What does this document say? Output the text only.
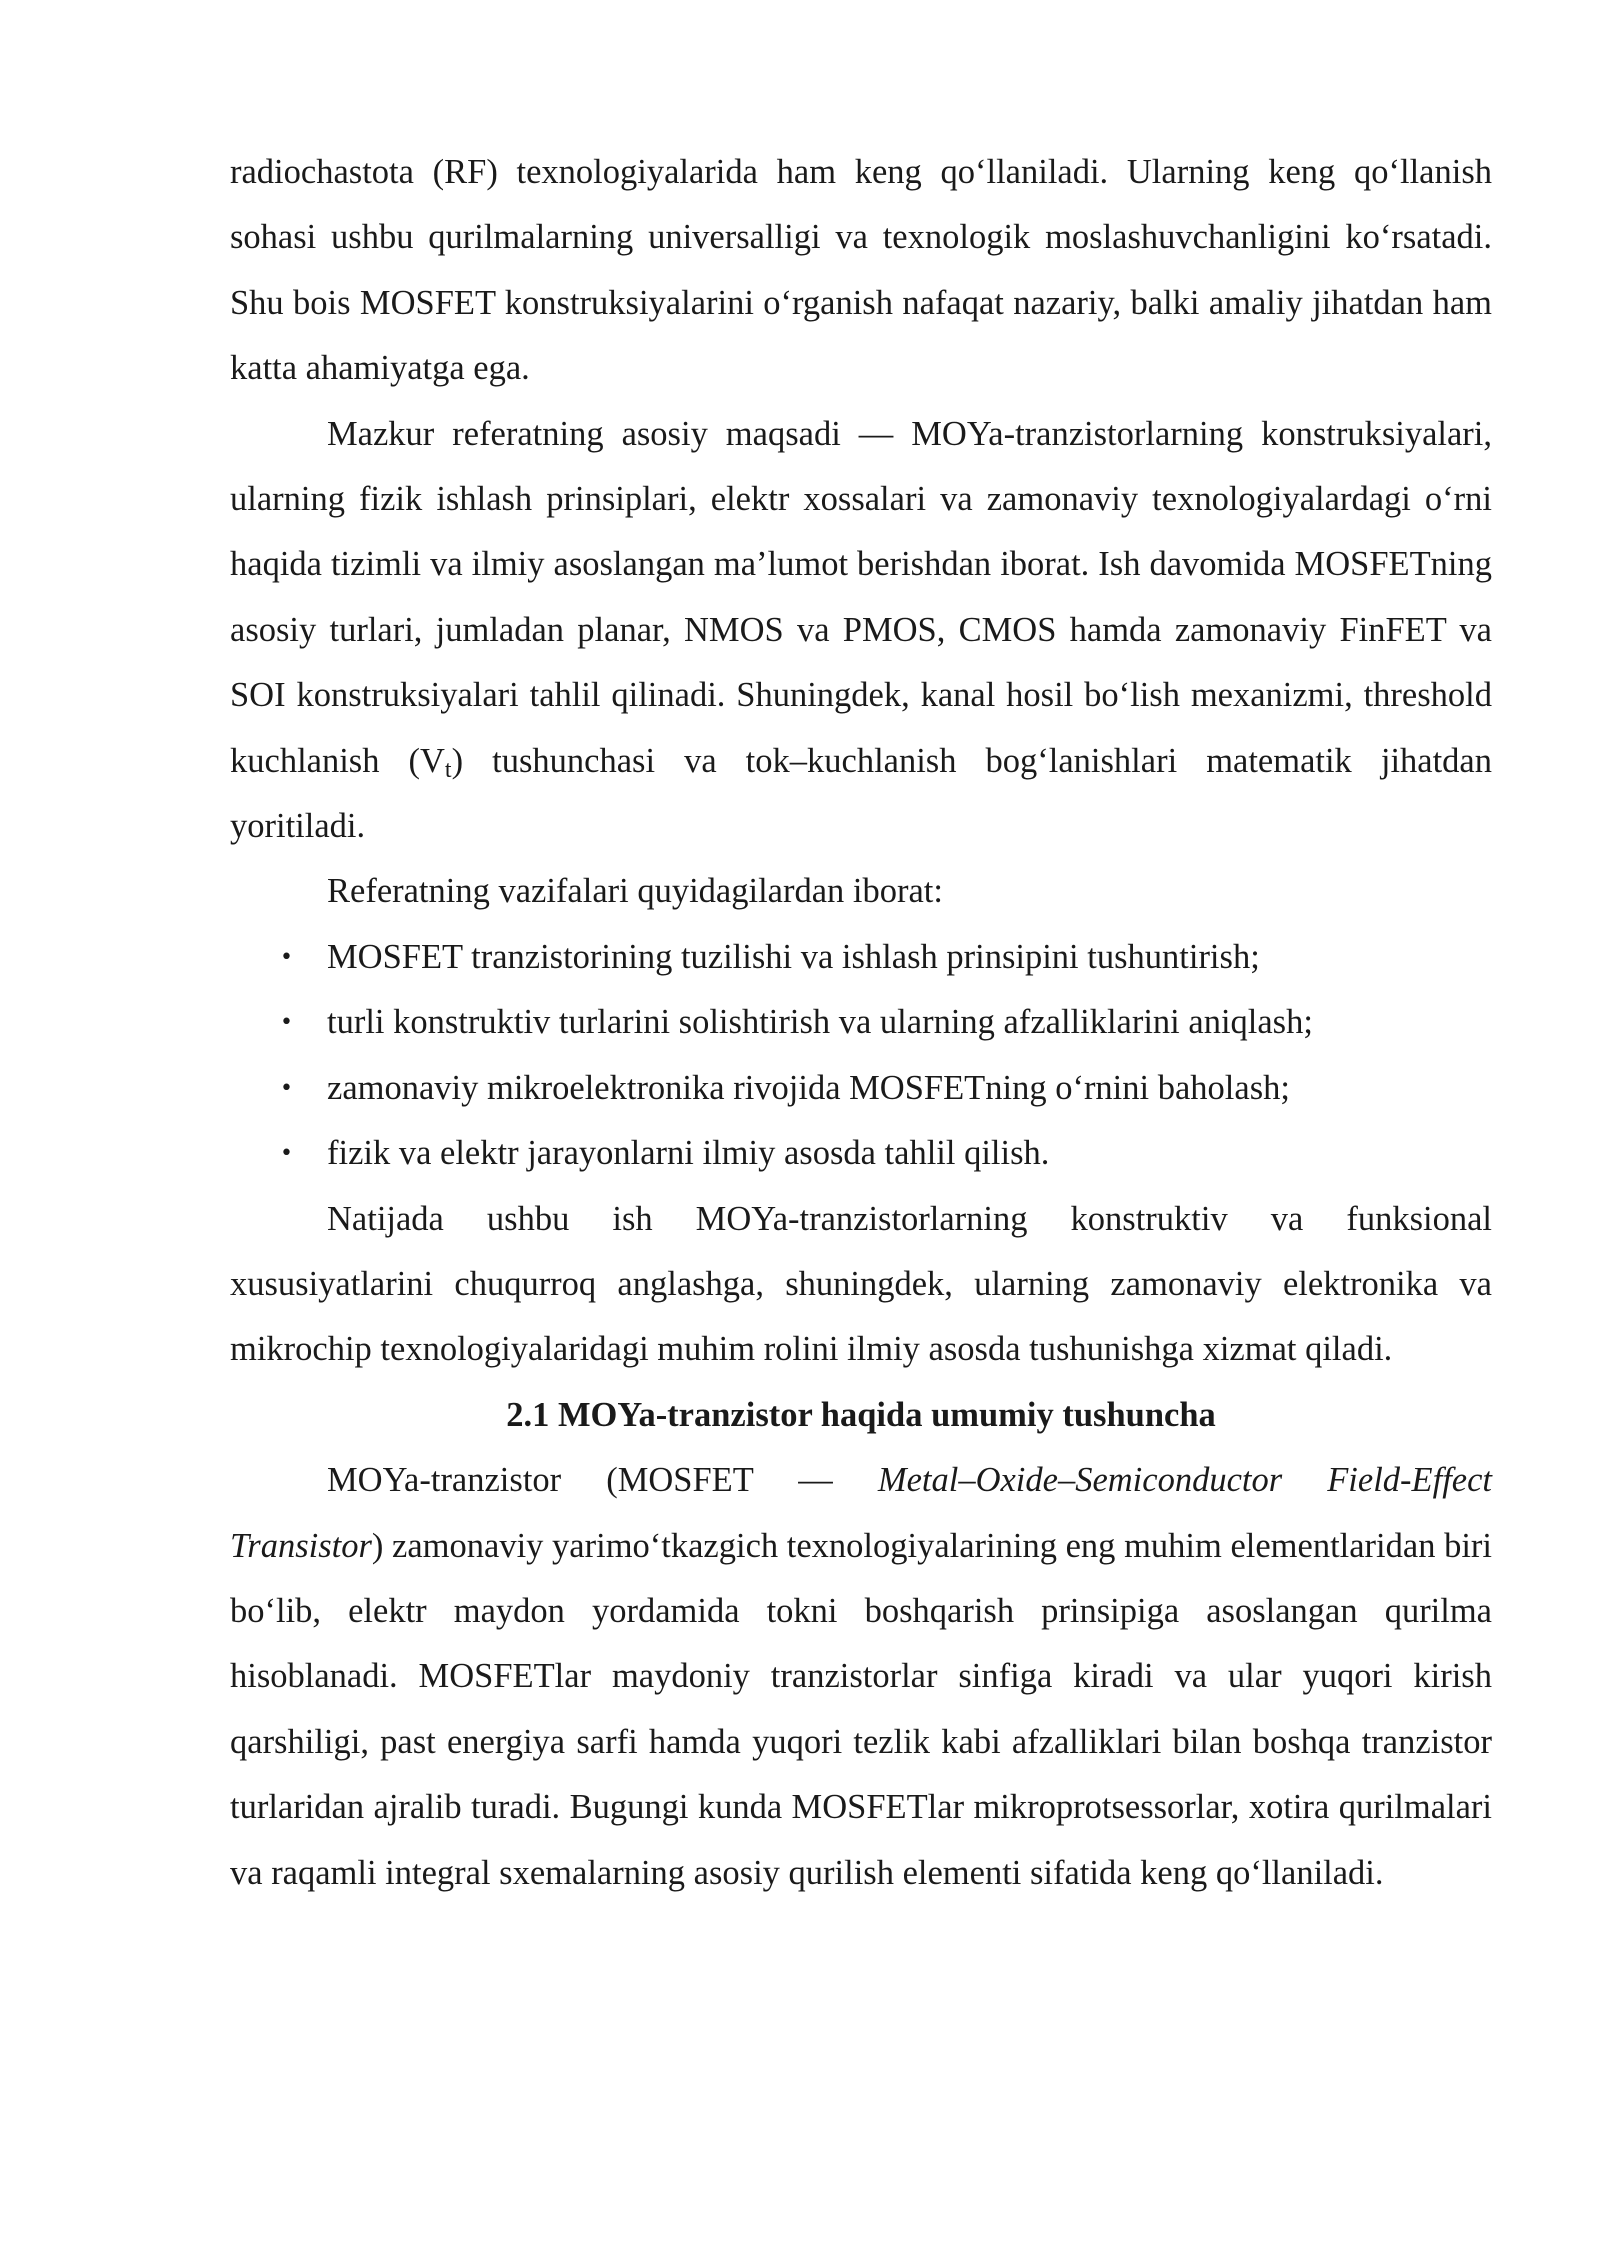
radiochastota (RF) texnologiyalarida ham keng qo‘llaniladi. Ularning keng qo‘llanish sohasi ushbu qurilmalarning universalligi va texnologik moslashuvchanligini ko‘rsatadi. Shu bois MOSFET konstruksiyalarini o‘rganish nafaqat nazariy, balki amaliy jihatdan ham katta ahamiyatga ega.

Mazkur referatning asosiy maqsadi — MOYa-tranzistorlarning konstruksiyalari, ularning fizik ishlash prinsiplari, elektr xossalari va zamonaviy texnologiyalardagi o‘rni haqida tizimli va ilmiy asoslangan ma’lumot berishdan iborat. Ish davomida MOSFETning asosiy turlari, jumladan planar, NMOS va PMOS, CMOS hamda zamonaviy FinFET va SOI konstruksiyalari tahlil qilinadi. Shuningdek, kanal hosil bo‘lish mexanizmi, threshold kuchlanish $(V_t)$ tushunchasi va tok–kuchlanish bog‘lanishlari matematik jihatdan yoritiladi.

Referatning vazifalari quyidagilardan iborat:

• MOSFET tranzistorining tuzilishi va ishlash prinsipini tushuntirish;
• turli konstruktiv turlarini solishtirish va ularning afzalliklarini aniqlash;
• zamonaviy mikroelektronika rivojida MOSFETning o‘rnini baholash;
• fizik va elektr jarayonlarni ilmiy asosda tahlil qilish.

Natijada ushbu ish MOYa-tranzistorlarning konstruktiv va funksional xususiyatlarini chuqurroq anglashga, shuningdek, ularning zamonaviy elektronika va mikrochip texnologiyalaridagi muhim rolini ilmiy asosda tushunishga xizmat qiladi.

2.1 MOYa-tranzistor haqida umumiy tushuncha

MOYa-tranzistor (MOSFET — Metal–Oxide–Semiconductor Field-Effect Transistor) zamonaviy yarimo‘tkazgich texnologiyalarining eng muhim elementlaridan biri bo‘lib, elektr maydon yordamida tokni boshqarish prinsipiga asoslangan qurilma hisoblanadi. MOSFETlar maydoniy tranzistorlar sinfiga kiradi va ular yuqori kirish qarshiligi, past energiya sarfi hamda yuqori tezlik kabi afzalliklari bilan boshqa tranzistor turlaridan ajralib turadi. Bugungi kunda MOSFETlar mikroprotsessorlar, xotira qurilmalari va raqamli integral sxemalarning asosiy qurilish elementi sifatida keng qo‘llaniladi.
